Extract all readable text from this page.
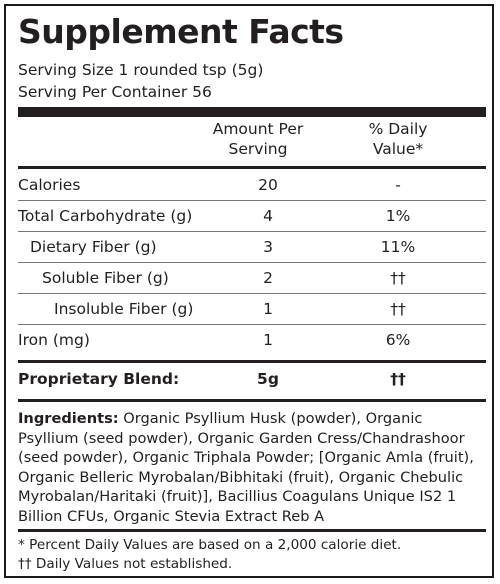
Supplement Facts
Serving Size 1 rounded tsp (5g)
Serving Per Container 56
Amount Per
Serving
% Daily
Value*
Calories	20	-
Total Carbohydrate (g)	4	1%
Dietary Fiber (g)	3	11%
Soluble Fiber (g)	2	††
Insoluble Fiber (g)	1	††
Iron (mg)	1	6%
Proprietary Blend:	5g	††
Ingredients: Organic Psyllium Husk (powder), Organic Psyllium (seed powder), Organic Garden Cress/Chandrashoor (seed powder), Organic Triphala Powder; [Organic Amla (fruit), Organic Belleric Myrobalan/Bibhitaki (fruit), Organic Chebulic Myrobalan/Haritaki (fruit)], Bacillius Coagulans Unique IS2 1 Billion CFUs, Organic Stevia Extract Reb A
* Percent Daily Values are based on a 2,000 calorie diet.
†† Daily Values not established.
